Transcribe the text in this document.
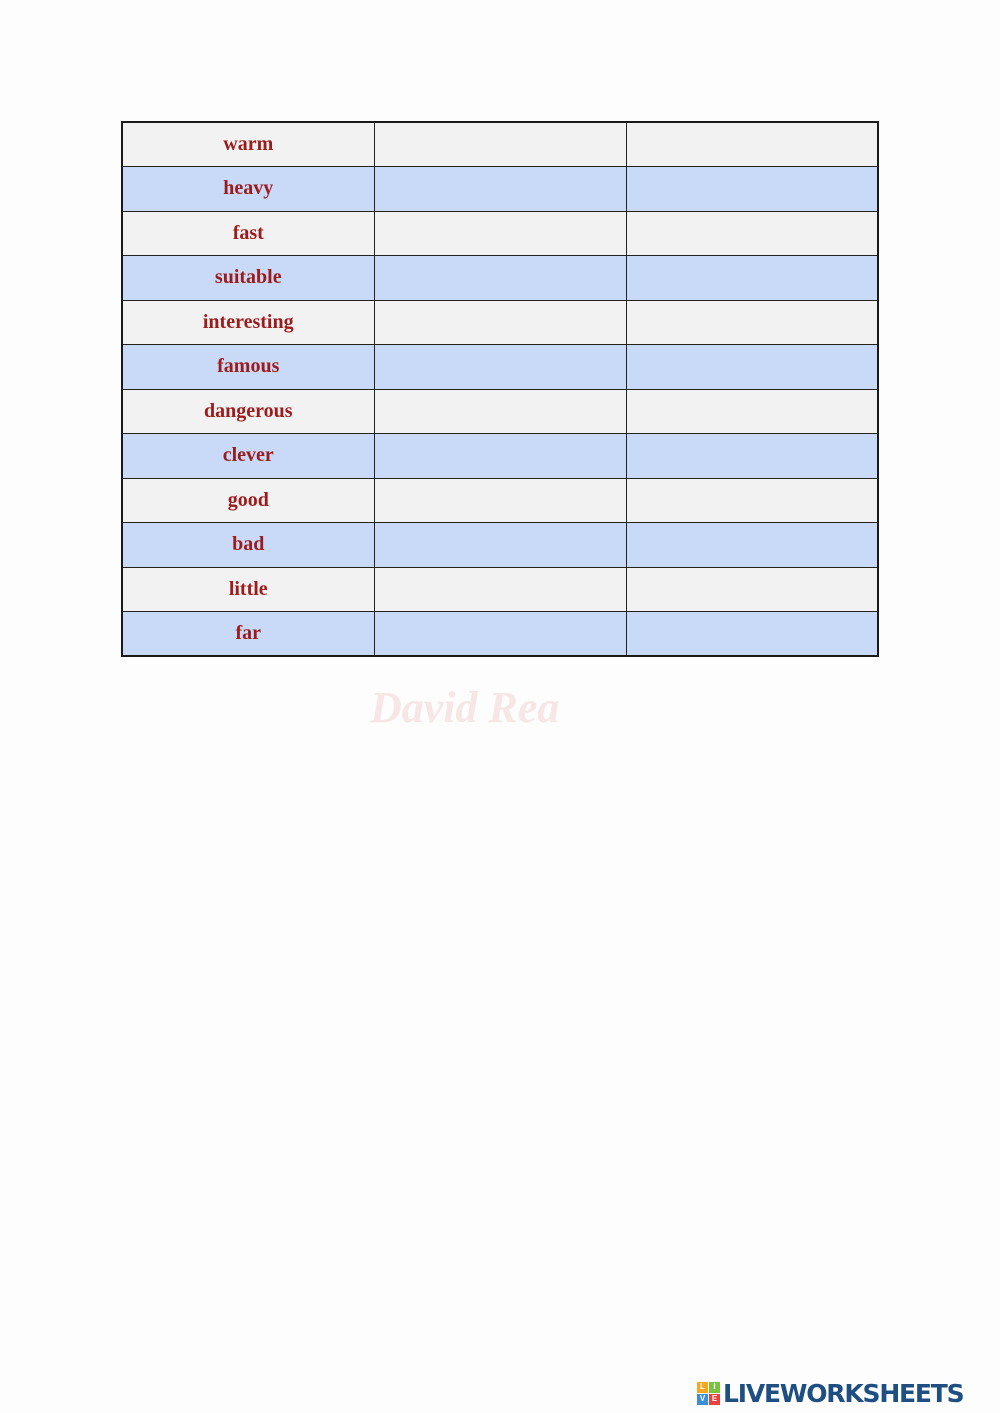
warm		
heavy		
fast		
suitable		
interesting		
famous		
dangerous		
clever		
good		
bad		
little		
far		
David Rea
L	I
V E LIVEWORKSHEETS
